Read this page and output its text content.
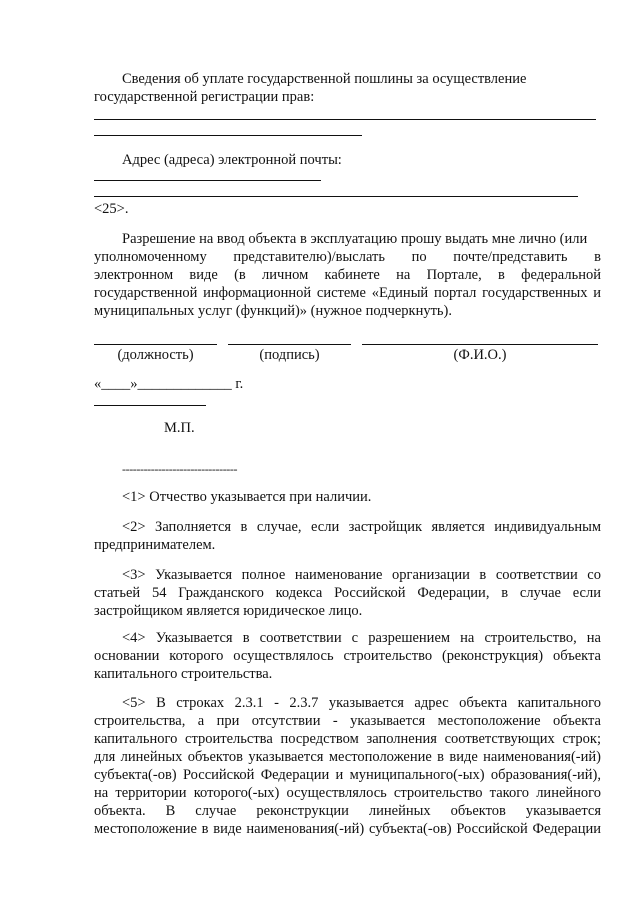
Сведения об уплате государственной пошлины за осуществление
государственной регистрации прав:
Адрес (адреса) электронной почты:
<25>.
Разрешение на ввод объекта в эксплуатацию прошу выдать мне лично (или
уполномоченному представителю)/выслать по почте/представить в
электронном виде (в личном кабинете на Портале, в федеральной
государственной информационной системе «Единый портал государственных и
муниципальных услуг (функций)» (нужное подчеркнуть).
(должность)	(подпись)	(Ф.И.О.)
«____»_____________ г.
М.П.
--------------------------------
<1> Отчество указывается при наличии.
<2> Заполняется в случае, если застройщик является индивидуальным
предпринимателем.
<3> Указывается полное наименование организации в соответствии со
статьей 54 Гражданского кодекса Российской Федерации, в случае если
застройщиком является юридическое лицо.
<4> Указывается в соответствии с разрешением на строительство, на
основании которого осуществлялось строительство (реконструкция) объекта
капитального строительства.
<5> В строках 2.3.1 - 2.3.7 указывается адрес объекта капитального
строительства, а при отсутствии - указывается местоположение объекта
капитального строительства посредством заполнения соответствующих строк;
для линейных объектов указывается местоположение в виде наименования(-ий)
субъекта(-ов) Российской Федерации и муниципального(-ых) образования(-ий),
на территории которого(-ых) осуществлялось строительство такого линейного
объекта. В случае реконструкции линейных объектов указывается
местоположение в виде наименования(-ий) субъекта(-ов) Российской Федерации
